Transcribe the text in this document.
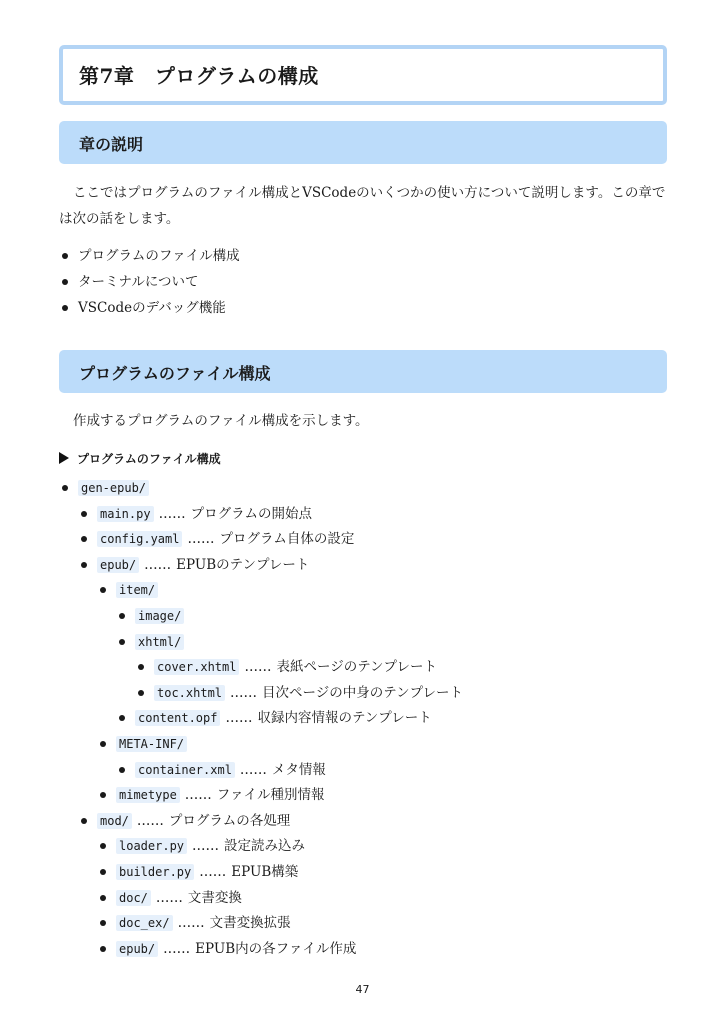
第7章　プログラムの構成
章の説明
ここではプログラムのファイル構成とVSCodeのいくつかの使い方について説明します。この章では次の話をします。
プログラムのファイル構成
ターミナルについて
VSCodeのデバッグ機能
プログラムのファイル構成
作成するプログラムのファイル構成を示します。
プログラムのファイル構成
gen-epub/
main.py …… プログラムの開始点
config.yaml …… プログラム自体の設定
epub/ …… EPUBのテンプレート
item/
image/
xhtml/
cover.xhtml …… 表紙ページのテンプレート
toc.xhtml …… 目次ページの中身のテンプレート
content.opf …… 収録内容情報のテンプレート
META-INF/
container.xml …… メタ情報
mimetype …… ファイル種別情報
mod/ …… プログラムの各処理
loader.py …… 設定読み込み
builder.py …… EPUB構築
doc/ …… 文書変換
doc_ex/ …… 文書変換拡張
epub/ …… EPUB内の各ファイル作成
47
